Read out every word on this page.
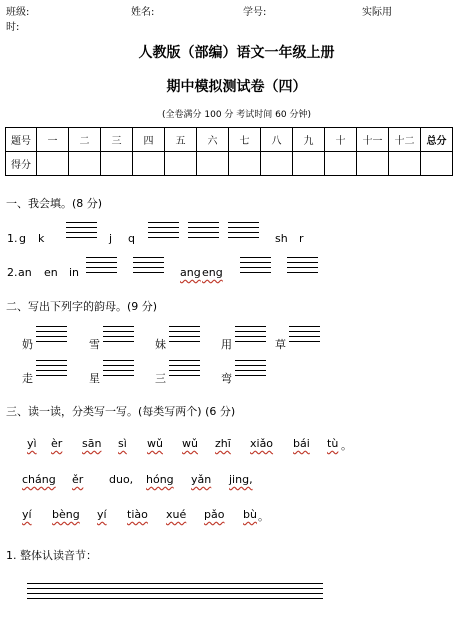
班级:	姓名:	学号:	实际用
时:
人教版（部编）语文一年级上册
期中模拟测试卷（四）
(全卷满分 100 分 考试时间 60 分钟)
题号	一	二	三	四	五	六	七	八	九	十	十一	十二	总分
得分													
一、我会填。(8 分)
1. g k	j q	sh r
2. an en in	ang eng
二、写出下列字的韵母。(9 分)
奶	雪	妹	用	草
走	星	三	弯
三、读一读，分类写一写。(每类写两个) (6 分)
yì èr sān sì wǔ wǔ zhī xiǎo bái tù 。
cháng ěr duo, hóng yǎn jing,
yí bèng yí tiào xué pǎo bù 。
1. 整体认读音节：
